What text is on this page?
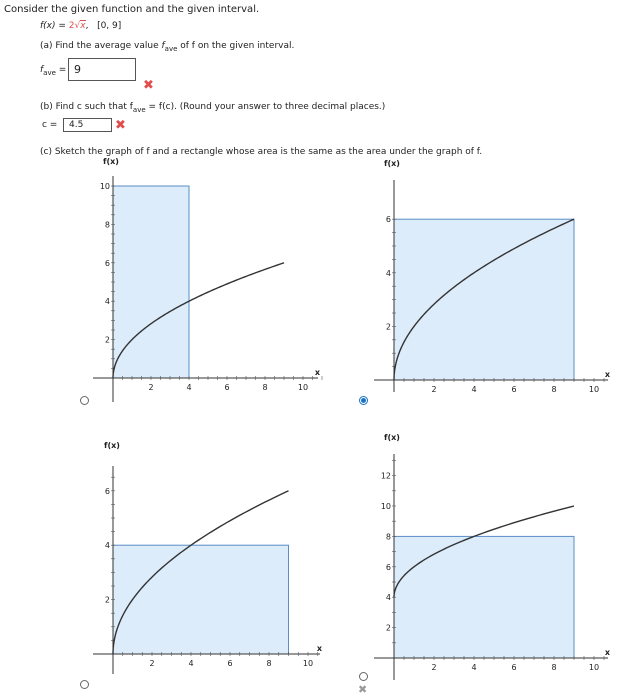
Consider the given function and the given interval.
f(x) = 2√x, [0, 9]
(a) Find the average value $f_{ave}$ of f on the given interval.
$f_{ave} = 9$
✖
(b) Find c such that $f_{ave} = f(c)$. (Round your answer to three decimal places.)
c =	4.5	✖
(c) Sketch the graph of f and a rectangle whose area is the same as the area under the graph of f.
2	4	6	8	10
2
4
6
8
10
f(x)
x
2	4	6	8	10
2
4
6
f(x)
x
2	4	6	8	10
2
4
6
f(x)
x
2	4	6	8	10
2
4
6
8
10
12
f(x)
x
✖
